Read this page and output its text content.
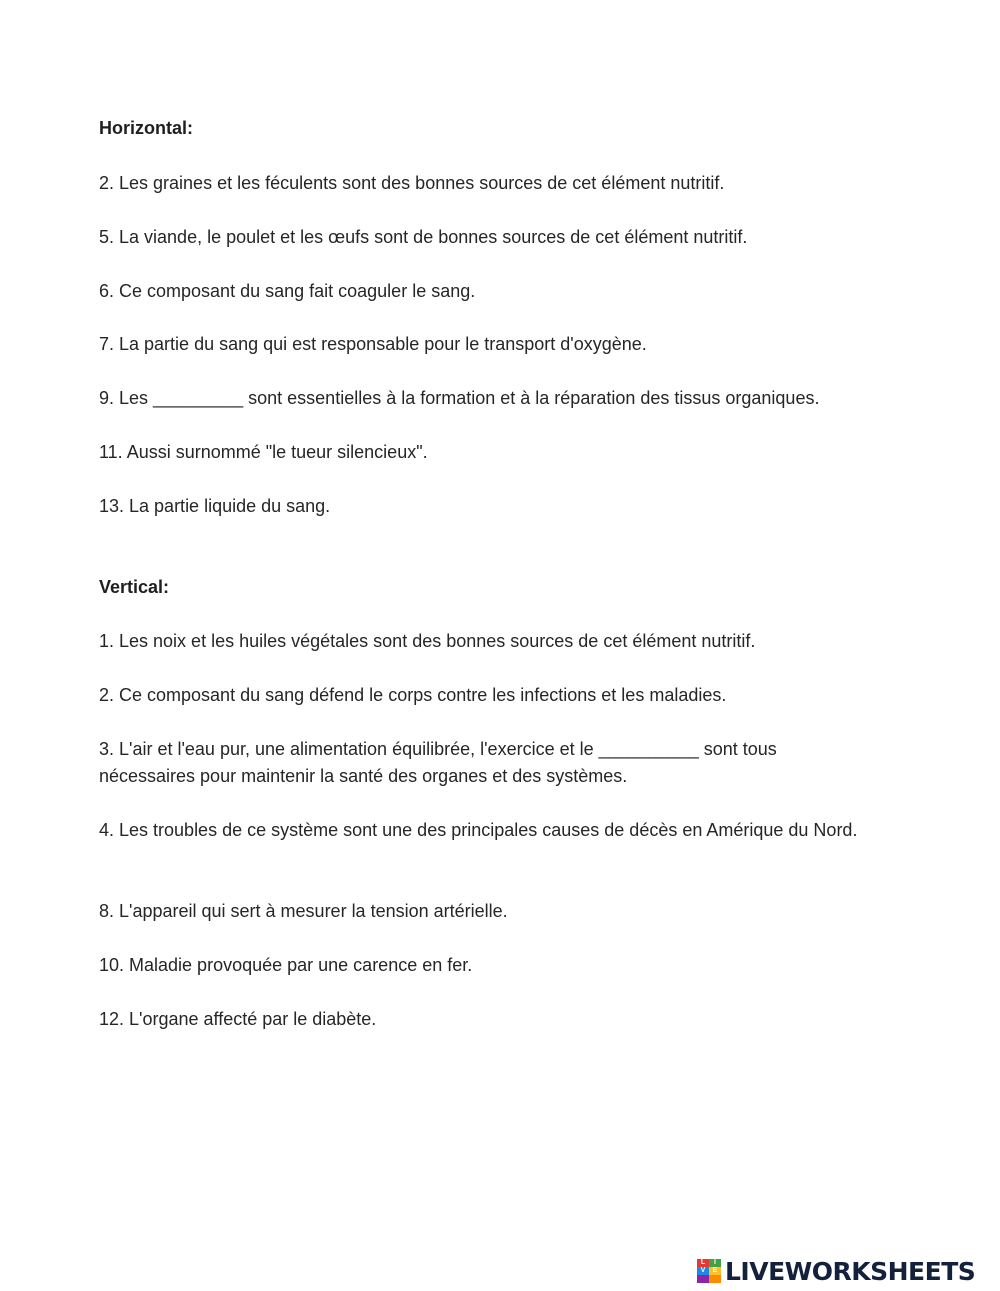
Horizontal:

2. Les graines et les féculents sont des bonnes sources de cet élément nutritif.

5. La viande, le poulet et les œufs sont de bonnes sources de cet élément nutritif.

6. Ce composant du sang fait coaguler le sang.

7. La partie du sang qui est responsable pour le transport d'oxygène.

9. Les _________ sont essentielles à la formation et à la réparation des tissus organiques.

11. Aussi surnommé "le tueur silencieux".

13. La partie liquide du sang.

Vertical:

1. Les noix et les huiles végétales sont des bonnes sources de cet élément nutritif.

2. Ce composant du sang défend le corps contre les infections et les maladies.

3. L'air et l'eau pur, une alimentation équilibrée, l'exercice et le __________ sont tous nécessaires pour maintenir la santé des organes et des systèmes.

4. Les troubles de ce système sont une des principales causes de décès en Amérique du Nord.

8. L'appareil qui sert à mesurer la tension artérielle.

10. Maladie provoquée par une carence en fer.

12. L'organe affecté par le diabète.

L	I
V	E LIVEWORKSHEETS
